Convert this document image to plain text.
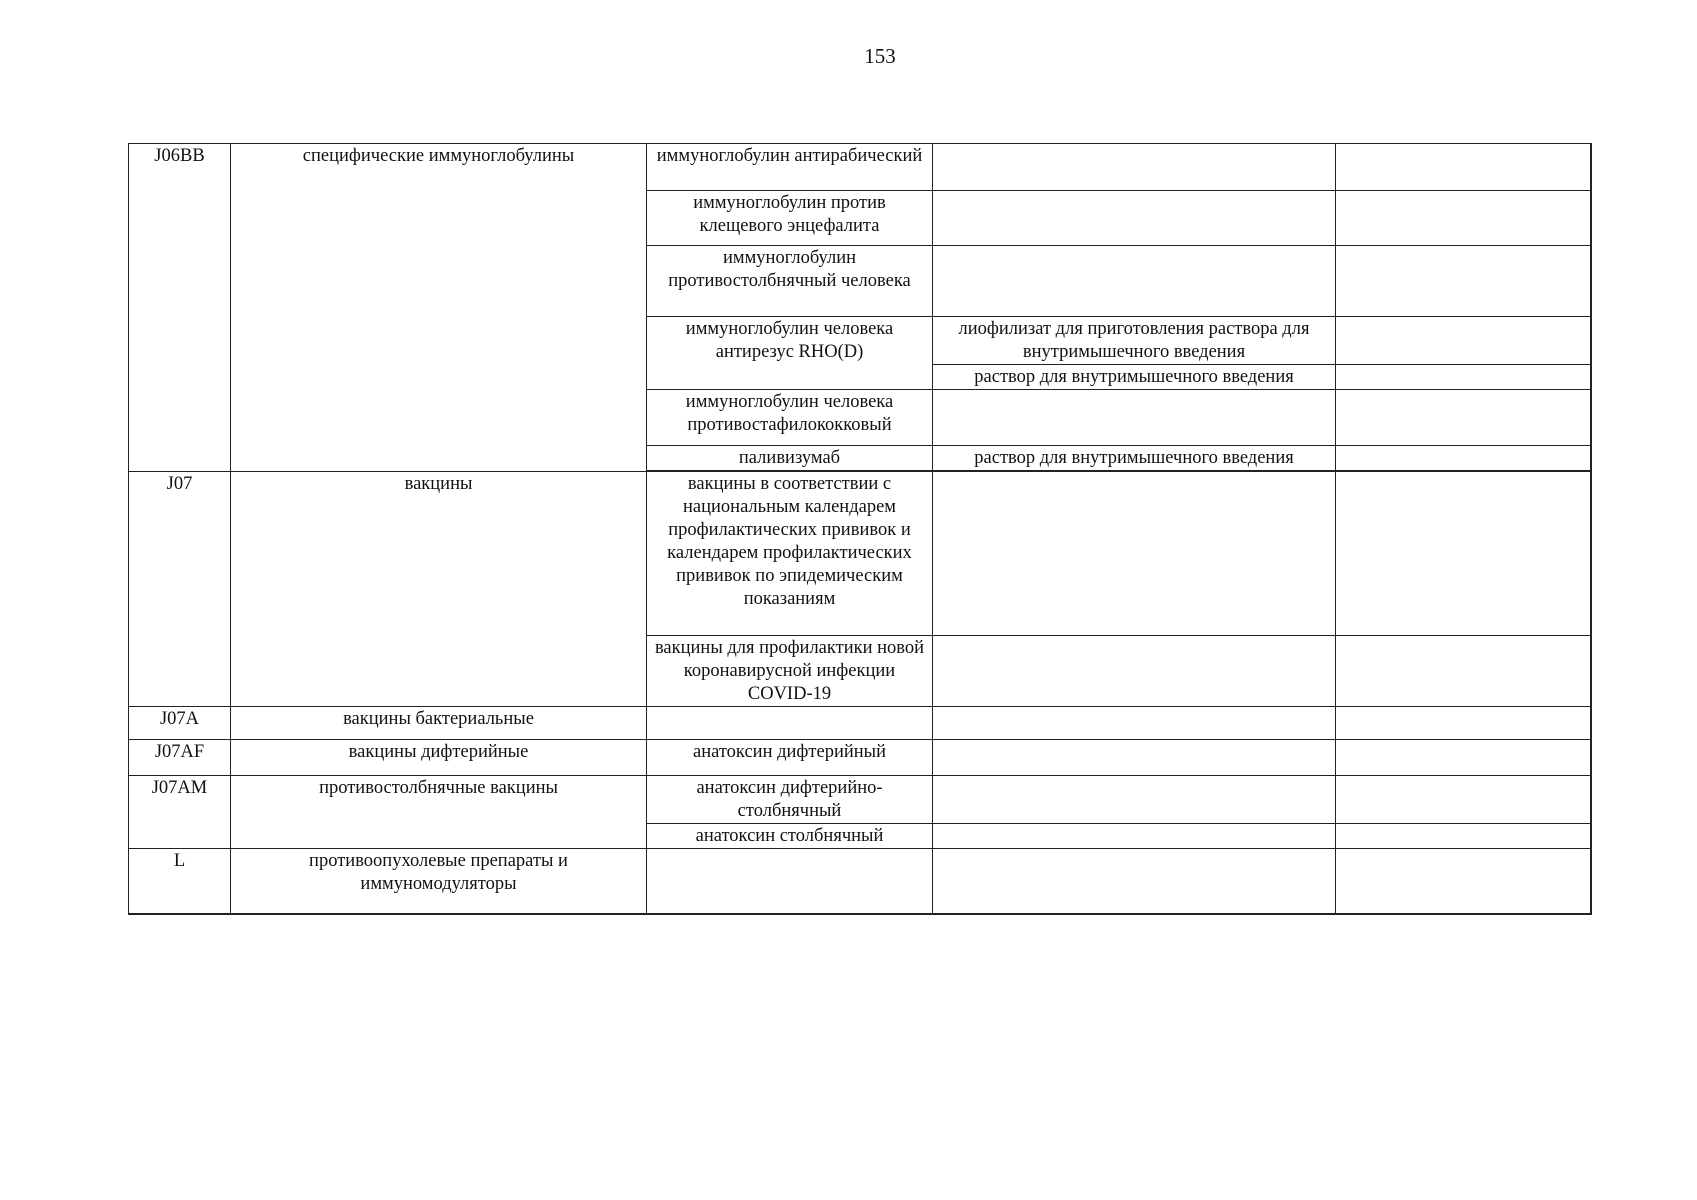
153
J06BB	специфические иммуноглобулины	иммуноглобулин антирабический		
		иммуноглобулин против клещевого энцефалита		
		иммуноглобулин противостолбнячный человека		
		иммуноглобулин человека антирезус RHO(D)	лиофилизат для приготовления раствора для внутримышечного введения	
			раствор для внутримышечного введения	
		иммуноглобулин человека противостафилококковый		
		паливизумаб	раствор для внутримышечного введения	

J07	вакцины	вакцины в соответствии с национальным календарем профилактических прививок и календарем профилактических прививок по эпидемическим показаниям		
		вакцины для профилактики новой коронавирусной инфекции COVID-19		
J07A	вакцины бактериальные			
J07AF	вакцины дифтерийные	анатоксин дифтерийный		
J07AM	противостолбнячные вакцины	анатоксин дифтерийно-столбнячный		
		анатоксин столбнячный		
L	противоопухолевые препараты и иммуномодуляторы			
